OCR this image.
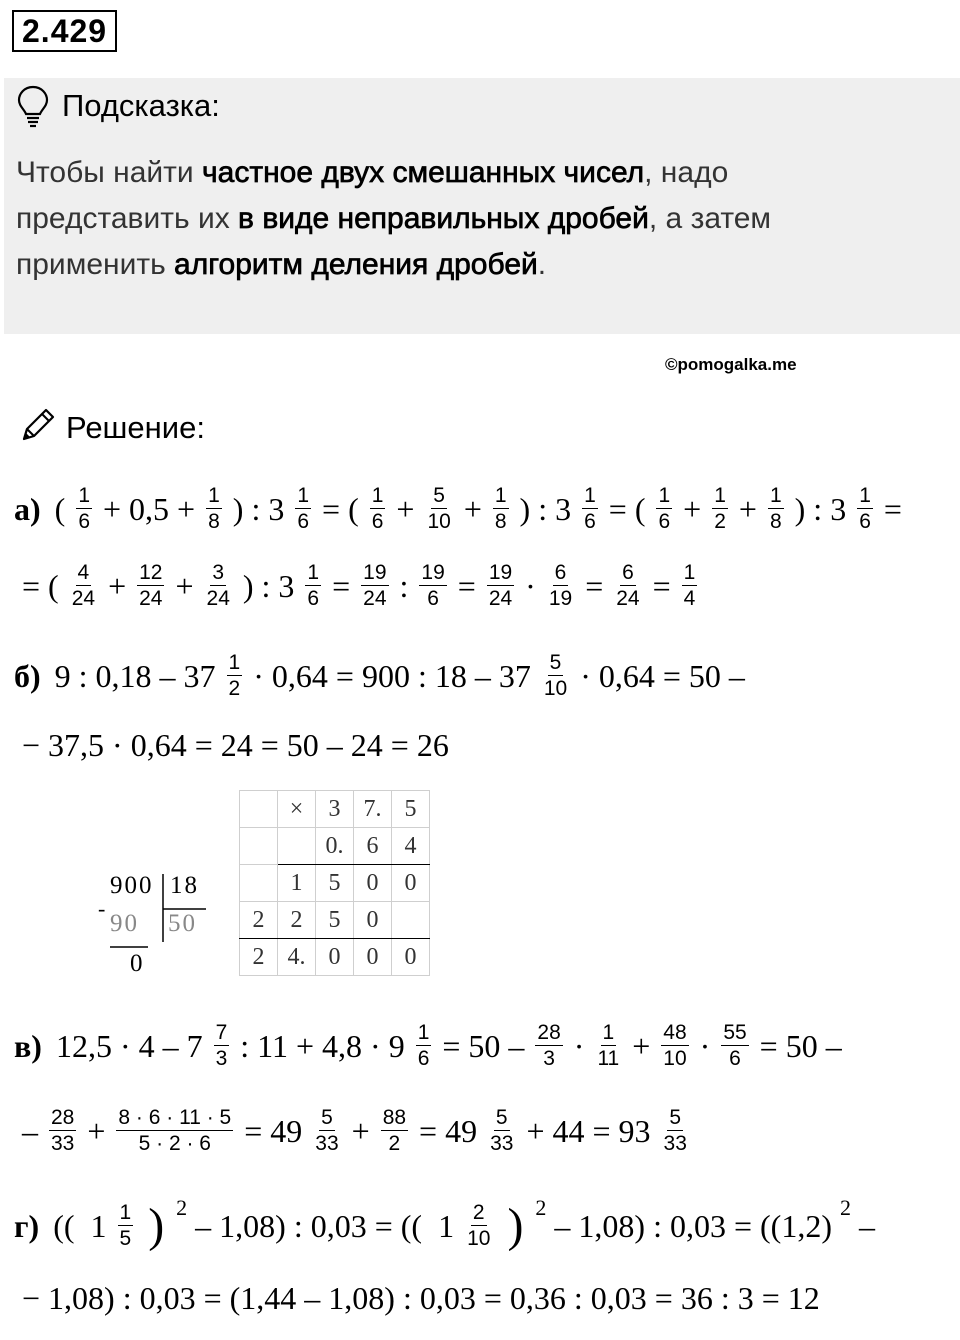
2.429
Подсказка:
Чтобы найти частное двух смешанных чисел, надо
представить их в виде неправильных дробей, а затем
применить алгоритм деления дробей.
©pomogalka.me
Решение:
а) ( $\frac{1}{6} + 0,5 + \frac{1}{8}$ ) : $3 \frac{1}{6}$ = ( $\frac{1}{6} + \frac{5}{10} + \frac{1}{8}$ ) : $3 \frac{1}{6}$ = ( $\frac{1}{6} + \frac{1}{2} + \frac{1}{8}$ ) : $3 \frac{1}{6}$ =
= ( $\frac{4}{24} + \frac{12}{24} + \frac{3}{24}$ ) : $3 \frac{1}{6} = \frac{19}{24}$ : $\frac{19}{6} = \frac{19}{24} \cdot \frac{6}{19} = \frac{6}{24} = \frac{1}{4}$
б) 9 : $0,18 - 37 \frac{1}{2} \cdot 0,64 = 900$ : $18 - 37 \frac{5}{10} \cdot 0,64 = 50$ –
− 37,5 · 0,64 = 24 = 50 – 24 = 26
900 18
-
90 50
0
	×	3	7.	5
		0.	6	4
	1	5	0	0
2	2	5	0	
2	4.	0	0	0
в) $12,5 \cdot 4 - 7 \frac{7}{3}$ : $11 + 4,8 \cdot 9 \frac{1}{6} = 50 - \frac{28}{3} \cdot \frac{1}{11} + \frac{48}{10} \cdot \frac{55}{6} = 50$ –
– $\frac{28}{33} + \frac{8 \cdot 6 \cdot 11 \cdot 5}{5 \cdot 2 \cdot 6} = 49 \frac{5}{33} + \frac{88}{2} = 49 \frac{5}{33} + 44 = 93 \frac{5}{33}$
г) (( $1 \frac{1}{5}$ ) $^2$
– 1,08) : 0,03 = (( $1 \frac{2}{10}$ ) $^2$
– 1,08) : 0,03 = ((1,2)
$^2$
–
− 1,08) : 0,03 = (1,44 – 1,08) : 0,03 = 0,36 : 0,03 = 36 : 3 = 12
